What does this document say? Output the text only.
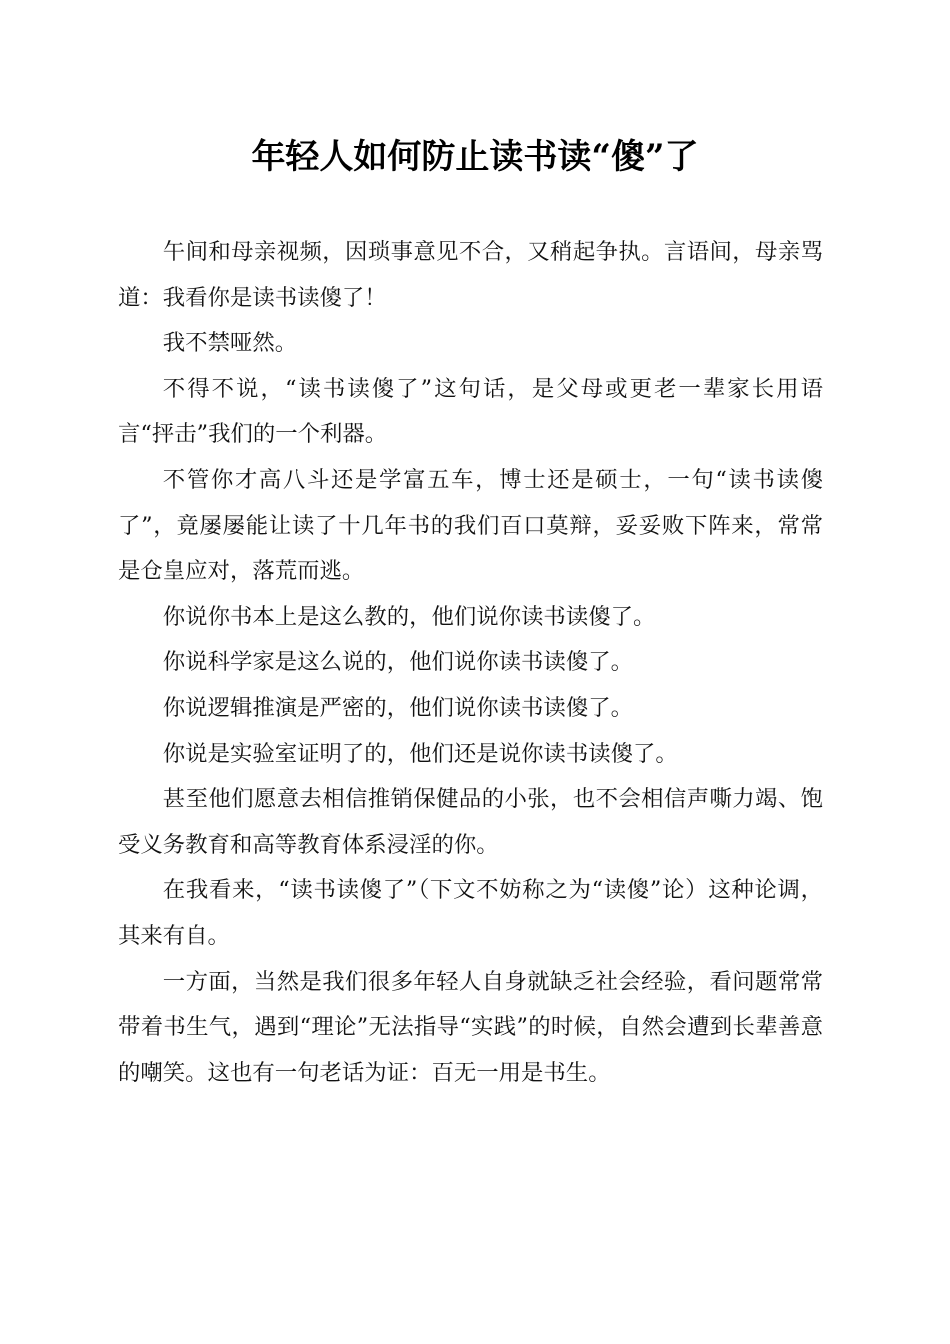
年轻人如何防止读书读“傻”了

午间和母亲视频，因琐事意见不合，又稍起争执。言语间，母亲骂道：我看你是读书读傻了！

我不禁哑然。

不得不说，“读书读傻了”这句话，是父母或更老一辈家长用语言“抨击”我们的一个利器。

不管你才高八斗还是学富五车，博士还是硕士，一句“读书读傻了”，竟屡屡能让读了十几年书的我们百口莫辩，妥妥败下阵来，常常是仓皇应对，落荒而逃。

你说你书本上是这么教的，他们说你读书读傻了。

你说科学家是这么说的，他们说你读书读傻了。

你说逻辑推演是严密的，他们说你读书读傻了。

你说是实验室证明了的，他们还是说你读书读傻了。

甚至他们愿意去相信推销保健品的小张，也不会相信声嘶力竭、饱受义务教育和高等教育体系浸淫的你。

在我看来，“读书读傻了”（下文不妨称之为“读傻”论）这种论调，其来有自。

一方面，当然是我们很多年轻人自身就缺乏社会经验，看问题常常带着书生气，遇到“理论”无法指导“实践”的时候，自然会遭到长辈善意的嘲笑。这也有一句老话为证：百无一用是书生。
